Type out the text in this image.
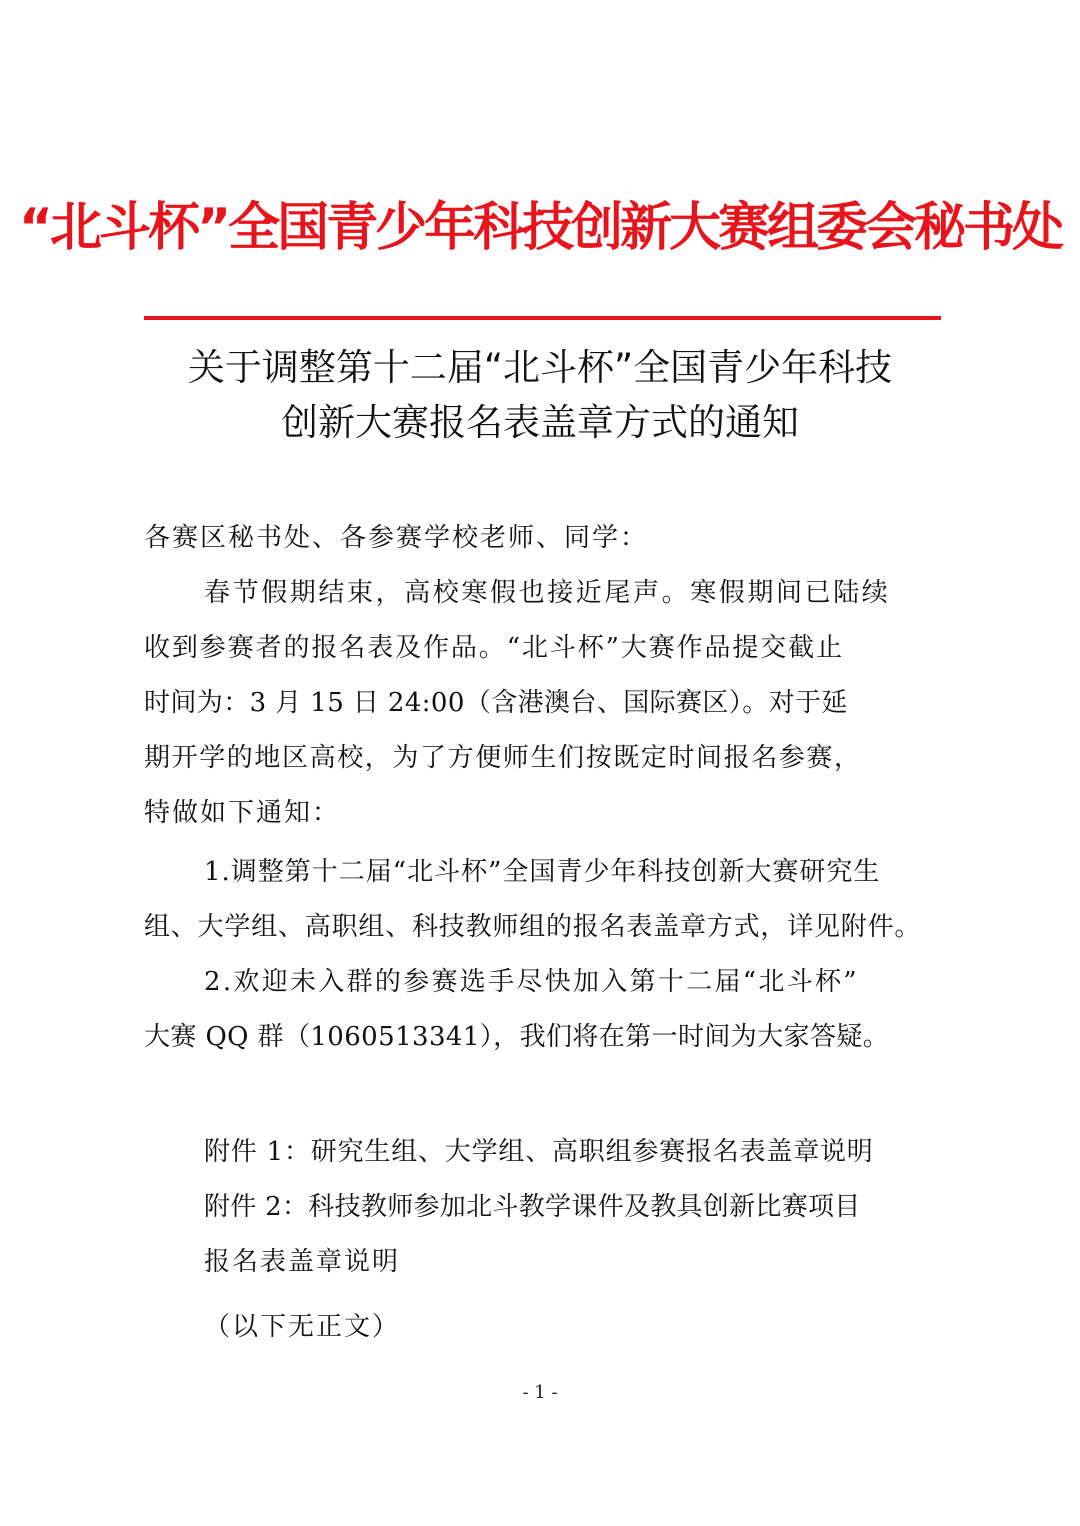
“北斗杯”全国青少年科技创新大赛组委会秘书处
关于调整第十二届“北斗杯”全国青少年科技
创新大赛报名表盖章方式的通知
各赛区秘书处、各参赛学校老师、同学：
春节假期结束，高校寒假也接近尾声。寒假期间已陆续
收到参赛者的报名表及作品。“北斗杯”大赛作品提交截止
时间为：3 月 15 日 24:00（含港澳台、国际赛区）。对于延
期开学的地区高校，为了方便师生们按既定时间报名参赛，
特做如下通知：
1.调整第十二届“北斗杯”全国青少年科技创新大赛研究生
组、大学组、高职组、科技教师组的报名表盖章方式，详见附件。
2.欢迎未入群的参赛选手尽快加入第十二届“北斗杯”
大赛 QQ 群（1060513341），我们将在第一时间为大家答疑。
附件 1：研究生组、大学组、高职组参赛报名表盖章说明
附件 2：科技教师参加北斗教学课件及教具创新比赛项目
报名表盖章说明
（以下无正文）
- 1 -
